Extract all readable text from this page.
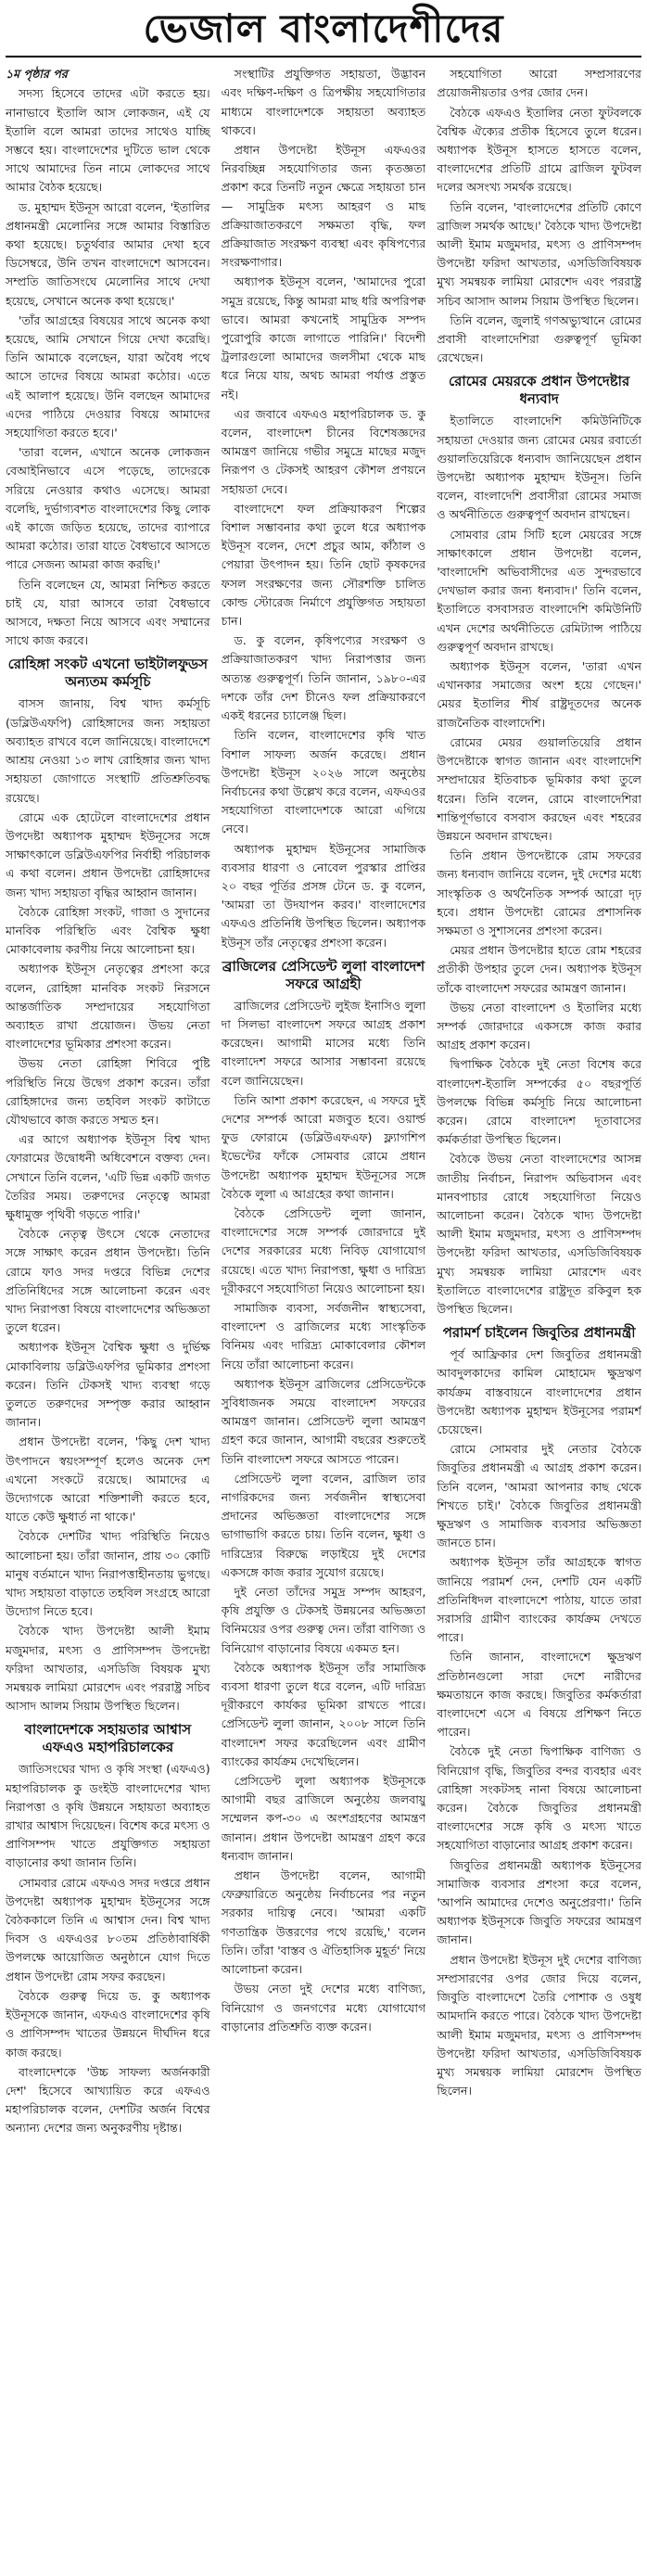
ভেজাল বাংলাদেশীদের

১ম পৃষ্ঠার পর

সদস্য হিসেবে তাদের এটা করতে হয়। নানাভাবে ইতালি আস লোকজন, এই যে ইতালি বলে আমরা তাদের সাথেও যাচ্ছি সম্ভবে হয়। বাংলাদেশের দুটিতে ভাল থেকে সাথে আমাদের তিন নামে লোকদের সাথে আমার বৈঠক হয়েছে।

ড. মুহাম্মদ ইউনূস আরো বলেন, 'ইতালির প্রধানমন্ত্রী মেলোনির সঙ্গে আমার বিস্তারিত কথা হয়েছে। চতুর্থবার আমার দেখা হবে ডিসেম্বরে, উনি তখন বাংলাদেশে আসবেন। সম্প্রতি জাতিসংঘে মেলোনির সাথে দেখা হয়েছে, সেখানে অনেক কথা হয়েছে।'

'তাঁর আগ্রহের বিষয়ের সাথে অনেক কথা হয়েছে, আমি সেখানে গিয়ে দেখা করেছি। তিনি আমাকে বলেছেন, যারা অবৈধ পথে আসে তাদের বিষয়ে আমরা কঠোর। এতে এই আলাপ হয়েছে। উনি বলছেন আমাদের এদের পাঠিয়ে দেওয়ার বিষয়ে আমাদের সহযোগিতা করতে হবে।'

'তারা বলেন, এখানে অনেক লোকজন বেআইনিভাবে এসে পড়েছে, তাদেরকে সরিয়ে নেওয়ার কথাও এসেছে। আমরা বলেছি, দুর্ভাগ্যবশত বাংলাদেশের কিছু লোক এই কাজে জড়িত হয়েছে, তাদের ব্যাপারে আমরা কঠোর। তারা যাতে বৈধভাবে আসতে পারে সেজন্য আমরা কাজ করছি।'

তিনি বলেছেন যে, আমরা নিশ্চিত করতে চাই যে, যারা আসবে তারা বৈধভাবে আসবে, দক্ষতা নিয়ে আসবে এবং সম্মানের সাথে কাজ করবে।

রোহিঙ্গা সংকট এখনো ভাইটালফুডস অন্যতম কর্মসূচি

বাসস জানায়, বিশ্ব খাদ্য কর্মসূচি (ডব্লিউএফপি) রোহিঙ্গাদের জন্য সহায়তা অব্যাহত রাখবে বলে জানিয়েছে। বাংলাদেশে আশ্রয় নেওয়া ১৩ লাখ রোহিঙ্গার জন্য খাদ্য সহায়তা জোগাতে সংস্থাটি প্রতিশ্রুতিবদ্ধ রয়েছে।

রোমে এক হোটেলে বাংলাদেশের প্রধান উপদেষ্টা অধ্যাপক মুহাম্মদ ইউনূসের সঙ্গে সাক্ষাৎকালে ডব্লিউএফপির নির্বাহী পরিচালক এ কথা বলেন। প্রধান উপদেষ্টা রোহিঙ্গাদের জন্য খাদ্য সহায়তা বৃদ্ধির আহ্বান জানান।

বৈঠকে রোহিঙ্গা সংকট, গাজা ও সুদানের মানবিক পরিস্থিতি এবং বৈশ্বিক ক্ষুধা মোকাবেলায় করণীয় নিয়ে আলোচনা হয়।

অধ্যাপক ইউনূস নেতৃত্বের প্রশংসা করে বলেন, রোহিঙ্গা মানবিক সংকট নিরসনে আন্তর্জাতিক সম্প্রদায়ের সহযোগিতা অব্যাহত রাখা প্রয়োজন। উভয় নেতা বাংলাদেশের ভূমিকার প্রশংসা করেন।

উভয় নেতা রোহিঙ্গা শিবিরে পুষ্টি পরিস্থিতি নিয়ে উদ্বেগ প্রকাশ করেন। তাঁরা রোহিঙ্গাদের জন্য তহবিল সংকট কাটাতে যৌথভাবে কাজ করতে সম্মত হন।

এর আগে অধ্যাপক ইউনূস বিশ্ব খাদ্য ফোরামের উদ্বোধনী অধিবেশনে বক্তব্য দেন। সেখানে তিনি বলেন, 'এটি ভিন্ন একটি জগত তৈরির সময়। তরুণদের নেতৃত্বে আমরা ক্ষুধামুক্ত পৃথিবী গড়তে পারি।'

বৈঠকে নেতৃত্ব উৎসে থেকে নেতাদের সঙ্গে সাক্ষাৎ করেন প্রধান উপদেষ্টা। তিনি রোমে ফাও সদর দপ্তরে বিভিন্ন দেশের প্রতিনিধিদের সঙ্গে আলোচনা করেন এবং খাদ্য নিরাপত্তা বিষয়ে বাংলাদেশের অভিজ্ঞতা তুলে ধরেন।

অধ্যাপক ইউনূস বৈশ্বিক ক্ষুধা ও দুর্ভিক্ষ মোকাবিলায় ডব্লিউএফপির ভূমিকার প্রশংসা করেন। তিনি টেকসই খাদ্য ব্যবস্থা গড়ে তুলতে তরুণদের সম্পৃক্ত করার আহ্বান জানান।

প্রধান উপদেষ্টা বলেন, 'কিছু দেশ খাদ্য উৎপাদনে স্বয়ংসম্পূর্ণ হলেও অনেক দেশ এখনো সংকটে রয়েছে। আমাদের এ উদ্যোগকে আরো শক্তিশালী করতে হবে, যাতে কেউ ক্ষুধার্ত না থাকে।'

বৈঠকে দেশটির খাদ্য পরিস্থিতি নিয়েও আলোচনা হয়। তাঁরা জানান, প্রায় ৩০ কোটি মানুষ বর্তমানে খাদ্য নিরাপত্তাহীনতায় ভুগছে। খাদ্য সহায়তা বাড়াতে তহবিল সংগ্রহে আরো উদ্যোগ নিতে হবে।

বৈঠকে খাদ্য উপদেষ্টা আলী ইমাম মজুমদার, মৎস্য ও প্রাণিসম্পদ উপদেষ্টা ফরিদা আখতার, এসডিজি বিষয়ক মুখ্য সমন্বয়ক লামিয়া মোরশেদ এবং পররাষ্ট্র সচিব আসাদ আলম সিয়াম উপস্থিত ছিলেন।

বাংলাদেশকে সহায়তার আশ্বাস এফএও মহাপরিচালকের

জাতিসংঘের খাদ্য ও কৃষি সংস্থা (এফএও) মহাপরিচালক কু ডংইউ বাংলাদেশের খাদ্য নিরাপত্তা ও কৃষি উন্নয়নে সহায়তা অব্যাহত রাখার আশ্বাস দিয়েছেন। বিশেষ করে মৎস্য ও প্রাণিসম্পদ খাতে প্রযুক্তিগত সহায়তা বাড়ানোর কথা জানান তিনি।

সোমবার রোমে এফএও সদর দপ্তরে প্রধান উপদেষ্টা অধ্যাপক মুহাম্মদ ইউনূসের সঙ্গে বৈঠককালে তিনি এ আশ্বাস দেন। বিশ্ব খাদ্য দিবস ও এফএওর ৮০তম প্রতিষ্ঠাবার্ষিকী উপলক্ষে আয়োজিত অনুষ্ঠানে যোগ দিতে প্রধান উপদেষ্টা রোম সফর করছেন।

বৈঠকে গুরুত্ব দিয়ে ড. কু অধ্যাপক ইউনূসকে জানান, এফএও বাংলাদেশের কৃষি ও প্রাণিসম্পদ খাতের উন্নয়নে দীর্ঘদিন ধরে কাজ করছে।

বাংলাদেশকে 'উচ্চ সাফল্য অর্জনকারী দেশ' হিসেবে আখ্যায়িত করে এফএও মহাপরিচালক বলেন, দেশটির অর্জন বিশ্বের অন্যান্য দেশের জন্য অনুকরণীয় দৃষ্টান্ত।

সংস্থাটির প্রযুক্তিগত সহায়তা, উদ্ভাবন এবং দক্ষিণ-দক্ষিণ ও ত্রিপক্ষীয় সহযোগিতার মাধ্যমে বাংলাদেশকে সহায়তা অব্যাহত থাকবে।

প্রধান উপদেষ্টা ইউনূস এফএওর নিরবচ্ছিন্ন সহযোগিতার জন্য কৃতজ্ঞতা প্রকাশ করে তিনটি নতুন ক্ষেত্রে সহায়তা চান— সামুদ্রিক মৎস্য আহরণ ও মাছ প্রক্রিয়াজাতকরণে সক্ষমতা বৃদ্ধি, ফল প্রক্রিয়াজাত সংরক্ষণ ব্যবস্থা এবং কৃষিপণ্যের সংরক্ষণাগার।

অধ্যাপক ইউনূস বলেন, 'আমাদের পুরো সমুদ্র রয়েছে, কিন্তু আমরা মাছ ধরি অপরিপক্ব ভাবে। আমরা কখনোই সামুদ্রিক সম্পদ পুরোপুরি কাজে লাগাতে পারিনি।' বিদেশী ট্রলারগুলো আমাদের জলসীমা থেকে মাছ ধরে নিয়ে যায়, অথচ আমরা পর্যাপ্ত প্রস্তুত নই।

এর জবাবে এফএও মহাপরিচালক ড. কু বলেন, বাংলাদেশ চীনের বিশেষজ্ঞদের আমন্ত্রণ জানিয়ে গভীর সমুদ্রে মাছের মজুদ নিরূপণ ও টেকসই আহরণ কৌশল প্রণয়নে সহায়তা দেবে।

বাংলাদেশে ফল প্রক্রিয়াকরণ শিল্পের বিশাল সম্ভাবনার কথা তুলে ধরে অধ্যাপক ইউনূস বলেন, দেশে প্রচুর আম, কাঁঠাল ও পেয়ারা উৎপাদন হয়। তিনি ছোট কৃষকদের ফসল সংরক্ষণের জন্য সৌরশক্তি চালিত কোল্ড স্টোরেজ নির্মাণে প্রযুক্তিগত সহায়তা চান।

ড. কু বলেন, কৃষিপণ্যের সংরক্ষণ ও প্রক্রিয়াজাতকরণ খাদ্য নিরাপত্তার জন্য অত্যন্ত গুরুত্বপূর্ণ। তিনি জানান, ১৯৮০-এর দশকে তাঁর দেশ চীনেও ফল প্রক্রিয়াকরণে একই ধরনের চ্যালেঞ্জ ছিল।

তিনি বলেন, বাংলাদেশের কৃষি খাত বিশাল সাফল্য অর্জন করেছে। প্রধান উপদেষ্টা ইউনূস ২০২৬ সালে অনুষ্ঠেয় নির্বাচনের কথা উল্লেখ করে বলেন, এফএওর সহযোগিতা বাংলাদেশকে আরো এগিয়ে নেবে।

অধ্যাপক মুহাম্মদ ইউনূসের সামাজিক ব্যবসার ধারণা ও নোবেল পুরস্কার প্রাপ্তির ২০ বছর পূর্তির প্রসঙ্গ টেনে ড. কু বলেন, 'আমরা তা উদযাপন করব।' বাংলাদেশের এফএও প্রতিনিধি উপস্থিত ছিলেন। অধ্যাপক ইউনূস তাঁর নেতৃত্বের প্রশংসা করেন।

ব্রাজিলের প্রেসিডেন্ট লুলা বাংলাদেশ সফরে আগ্রহী

ব্রাজিলের প্রেসিডেন্ট লুইজ ইনাসিও লুলা দা সিলভা বাংলাদেশ সফরে আগ্রহ প্রকাশ করেছেন। আগামী মাসের মধ্যে তিনি বাংলাদেশ সফরে আসার সম্ভাবনা রয়েছে বলে জানিয়েছেন।

তিনি আশা প্রকাশ করেছেন, এ সফরে দুই দেশের সম্পর্ক আরো মজবুত হবে। ওয়ার্ল্ড ফুড ফোরামে (ডব্লিউএফএফ) ফ্ল্যাগশিপ ইভেন্টের ফাঁকে সোমবার রোমে প্রধান উপদেষ্টা অধ্যাপক মুহাম্মদ ইউনূসের সঙ্গে বৈঠকে লুলা এ আগ্রহের কথা জানান।

বৈঠকে প্রেসিডেন্ট লুলা জানান, বাংলাদেশের সঙ্গে সম্পর্ক জোরদারে দুই দেশের সরকারের মধ্যে নিবিড় যোগাযোগ রয়েছে। এতে খাদ্য নিরাপত্তা, ক্ষুধা ও দারিদ্র্য দূরীকরণে সহযোগিতা নিয়েও আলোচনা হয়।

সামাজিক ব্যবসা, সর্বজনীন স্বাস্থ্যসেবা, বাংলাদেশ ও ব্রাজিলের মধ্যে সাংস্কৃতিক বিনিময় এবং দারিদ্র্য মোকাবেলার কৌশল নিয়ে তাঁরা আলোচনা করেন।

অধ্যাপক ইউনূস ব্রাজিলের প্রেসিডেন্টকে সুবিধাজনক সময়ে বাংলাদেশ সফরের আমন্ত্রণ জানান। প্রেসিডেন্ট লুলা আমন্ত্রণ গ্রহণ করে জানান, আগামী বছরের শুরুতেই তিনি বাংলাদেশ সফরে আসতে পারেন।

প্রেসিডেন্ট লুলা বলেন, ব্রাজিল তার নাগরিকদের জন্য সর্বজনীন স্বাস্থ্যসেবা প্রদানের অভিজ্ঞতা বাংলাদেশের সঙ্গে ভাগাভাগি করতে চায়। তিনি বলেন, ক্ষুধা ও দারিদ্র্যের বিরুদ্ধে লড়াইয়ে দুই দেশের একসঙ্গে কাজ করার সুযোগ রয়েছে।

দুই নেতা তাঁদের সমুদ্র সম্পদ আহরণ, কৃষি প্রযুক্তি ও টেকসই উন্নয়নের অভিজ্ঞতা বিনিময়ের ওপর গুরুত্ব দেন। তাঁরা বাণিজ্য ও বিনিয়োগ বাড়ানোর বিষয়ে একমত হন।

বৈঠকে অধ্যাপক ইউনূস তাঁর সামাজিক ব্যবসা ধারণা তুলে ধরে বলেন, এটি দারিদ্র্য দূরীকরণে কার্যকর ভূমিকা রাখতে পারে। প্রেসিডেন্ট লুলা জানান, ২০০৮ সালে তিনি বাংলাদেশ সফর করেছিলেন এবং গ্রামীণ ব্যাংকের কার্যক্রম দেখেছিলেন।

প্রেসিডেন্ট লুলা অধ্যাপক ইউনূসকে আগামী বছর ব্রাজিলে অনুষ্ঠেয় জলবায়ু সম্মেলন কপ-৩০ এ অংশগ্রহণের আমন্ত্রণ জানান। প্রধান উপদেষ্টা আমন্ত্রণ গ্রহণ করে ধন্যবাদ জানান।

প্রধান উপদেষ্টা বলেন, আগামী ফেব্রুয়ারিতে অনুষ্ঠেয় নির্বাচনের পর নতুন সরকার দায়িত্ব নেবে। 'আমরা একটি গণতান্ত্রিক উত্তরণের পথে রয়েছি,' বলেন তিনি। তাঁরা 'বাস্তব ও ঐতিহাসিক মুহূর্ত' নিয়ে আলোচনা করেন।

উভয় নেতা দুই দেশের মধ্যে বাণিজ্য, বিনিয়োগ ও জনগণের মধ্যে যোগাযোগ বাড়ানোর প্রতিশ্রুতি ব্যক্ত করেন।

সহযোগিতা আরো সম্প্রসারণের প্রয়োজনীয়তার ওপর জোর দেন।

বৈঠকে এফএও ইতালির নেতা ফুটবলকে বৈশ্বিক ঐক্যের প্রতীক হিসেবে তুলে ধরেন। অধ্যাপক ইউনূস হাসতে হাসতে বলেন, বাংলাদেশের প্রতিটি গ্রামে ব্রাজিল ফুটবল দলের অসংখ্য সমর্থক রয়েছে।

তিনি বলেন, 'বাংলাদেশের প্রতিটি কোণে ব্রাজিল সমর্থক আছে।' বৈঠকে খাদ্য উপদেষ্টা আলী ইমাম মজুমদার, মৎস্য ও প্রাণিসম্পদ উপদেষ্টা ফরিদা আখতার, এসডিজিবিষয়ক মুখ্য সমন্বয়ক লামিয়া মোরশেদ এবং পররাষ্ট্র সচিব আসাদ আলম সিয়াম উপস্থিত ছিলেন।

তিনি বলেন, জুলাই গণঅভ্যুত্থানে রোমের প্রবাসী বাংলাদেশিরা গুরুত্বপূর্ণ ভূমিকা রেখেছেন।

রোমের মেয়রকে প্রধান উপদেষ্টার ধন্যবাদ

ইতালিতে বাংলাদেশি কমিউনিটিকে সহায়তা দেওয়ার জন্য রোমের মেয়র রবার্তো গুয়ালতিয়েরিকে ধন্যবাদ জানিয়েছেন প্রধান উপদেষ্টা অধ্যাপক মুহাম্মদ ইউনূস। তিনি বলেন, বাংলাদেশি প্রবাসীরা রোমের সমাজ ও অর্থনীতিতে গুরুত্বপূর্ণ অবদান রাখছেন।

সোমবার রোম সিটি হলে মেয়রের সঙ্গে সাক্ষাৎকালে প্রধান উপদেষ্টা বলেন, 'বাংলাদেশি অভিবাসীদের এত সুন্দরভাবে দেখভাল করার জন্য ধন্যবাদ।' তিনি বলেন, ইতালিতে বসবাসরত বাংলাদেশি কমিউনিটি এখন দেশের অর্থনীতিতে রেমিট্যান্স পাঠিয়ে গুরুত্বপূর্ণ অবদান রাখছে।

অধ্যাপক ইউনূস বলেন, 'তারা এখন এখানকার সমাজের অংশ হয়ে গেছেন।' মেয়র ইতালির শীর্ষ রাষ্ট্রদূতদের অনেক রাজনৈতিক বাংলাদেশি।

রোমের মেয়র গুয়ালতিয়েরি প্রধান উপদেষ্টাকে স্বাগত জানান এবং বাংলাদেশি সম্প্রদায়ের ইতিবাচক ভূমিকার কথা তুলে ধরেন। তিনি বলেন, রোমে বাংলাদেশিরা শান্তিপূর্ণভাবে বসবাস করছেন এবং শহরের উন্নয়নে অবদান রাখছেন।

তিনি প্রধান উপদেষ্টাকে রোম সফরের জন্য ধন্যবাদ জানিয়ে বলেন, দুই দেশের মধ্যে সাংস্কৃতিক ও অর্থনৈতিক সম্পর্ক আরো দৃঢ় হবে। প্রধান উপদেষ্টা রোমের প্রশাসনিক সক্ষমতা ও সুশাসনের প্রশংসা করেন।

মেয়র প্রধান উপদেষ্টার হাতে রোম শহরের প্রতীকী উপহার তুলে দেন। অধ্যাপক ইউনূস তাঁকে বাংলাদেশ সফরের আমন্ত্রণ জানান।

উভয় নেতা বাংলাদেশ ও ইতালির মধ্যে সম্পর্ক জোরদারে একসঙ্গে কাজ করার আগ্রহ প্রকাশ করেন।

দ্বিপাক্ষিক বৈঠকে দুই নেতা বিশেষ করে বাংলাদেশ-ইতালি সম্পর্কের ৫০ বছরপূর্তি উপলক্ষে বিভিন্ন কর্মসূচি নিয়ে আলোচনা করেন। রোমে বাংলাদেশ দূতাবাসের কর্মকর্তারা উপস্থিত ছিলেন।

বৈঠকে উভয় নেতা বাংলাদেশের আসন্ন জাতীয় নির্বাচন, নিরাপদ অভিবাসন এবং মানবপাচার রোধে সহযোগিতা নিয়েও আলোচনা করেন। বৈঠকে খাদ্য উপদেষ্টা আলী ইমাম মজুমদার, মৎস্য ও প্রাণিসম্পদ উপদেষ্টা ফরিদা আখতার, এসডিজিবিষয়ক মুখ্য সমন্বয়ক লামিয়া মোরশেদ এবং ইতালিতে বাংলাদেশের রাষ্ট্রদূত রকিবুল হক উপস্থিত ছিলেন।

পরামর্শ চাইলেন জিবুতির প্রধানমন্ত্রী

পূর্ব আফ্রিকার দেশ জিবুতির প্রধানমন্ত্রী আবদুলকাদের কামিল মোহামেদ ক্ষুদ্রঋণ কার্যক্রম বাস্তবায়নে বাংলাদেশের প্রধান উপদেষ্টা অধ্যাপক মুহাম্মদ ইউনূসের পরামর্শ চেয়েছেন।

রোমে সোমবার দুই নেতার বৈঠকে জিবুতির প্রধানমন্ত্রী এ আগ্রহ প্রকাশ করেন। তিনি বলেন, 'আমরা আপনার কাছ থেকে শিখতে চাই।' বৈঠকে জিবুতির প্রধানমন্ত্রী ক্ষুদ্রঋণ ও সামাজিক ব্যবসার অভিজ্ঞতা জানতে চান।

অধ্যাপক ইউনূস তাঁর আগ্রহকে স্বাগত জানিয়ে পরামর্শ দেন, দেশটি যেন একটি প্রতিনিধিদল বাংলাদেশে পাঠায়, যাতে তারা সরাসরি গ্রামীণ ব্যাংকের কার্যক্রম দেখতে পারে।

তিনি জানান, বাংলাদেশে ক্ষুদ্রঋণ প্রতিষ্ঠানগুলো সারা দেশে নারীদের ক্ষমতায়নে কাজ করছে। জিবুতির কর্মকর্তারা বাংলাদেশে এসে এ বিষয়ে প্রশিক্ষণ নিতে পারেন।

বৈঠকে দুই নেতা দ্বিপাক্ষিক বাণিজ্য ও বিনিয়োগ বৃদ্ধি, জিবুতির বন্দর ব্যবহার এবং রোহিঙ্গা সংকটসহ নানা বিষয়ে আলোচনা করেন। বৈঠকে জিবুতির প্রধানমন্ত্রী বাংলাদেশের সঙ্গে কৃষি ও মৎস্য খাতে সহযোগিতা বাড়ানোর আগ্রহ প্রকাশ করেন।

জিবুতির প্রধানমন্ত্রী অধ্যাপক ইউনূসের সামাজিক ব্যবসার প্রশংসা করে বলেন, 'আপনি আমাদের দেশেও অনুপ্রেরণা।' তিনি অধ্যাপক ইউনূসকে জিবুতি সফরের আমন্ত্রণ জানান।

প্রধান উপদেষ্টা ইউনূস দুই দেশের বাণিজ্য সম্প্রসারণের ওপর জোর দিয়ে বলেন, জিবুতি বাংলাদেশে তৈরি পোশাক ও ওষুধ আমদানি করতে পারে। বৈঠকে খাদ্য উপদেষ্টা আলী ইমাম মজুমদার, মৎস্য ও প্রাণিসম্পদ উপদেষ্টা ফরিদা আখতার, এসডিজিবিষয়ক মুখ্য সমন্বয়ক লামিয়া মোরশেদ উপস্থিত ছিলেন।
